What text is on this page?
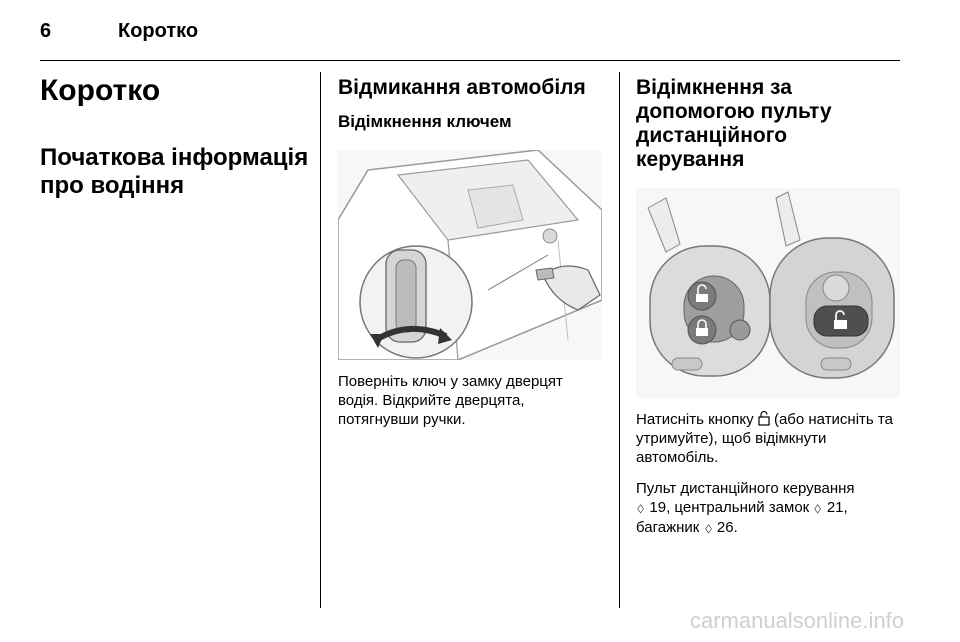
6	Коротко
Коротко
Початкова інформація про водіння
Відмикання автомобіля
Відімкнення ключем

Поверніть ключ у замку дверцят водія. Відкрийте дверцята, потягнувши ручки.

Відімкнення за допомогою пульту дистанційного керування

Натисніть кнопку (або натисніть та утримуйте), щоб відімкнути автомобіль.

Пульт дистанційного керування
◇ 19, центральний замок ◇ 21,
багажник ◇ 26.

carmanualsonline.info
